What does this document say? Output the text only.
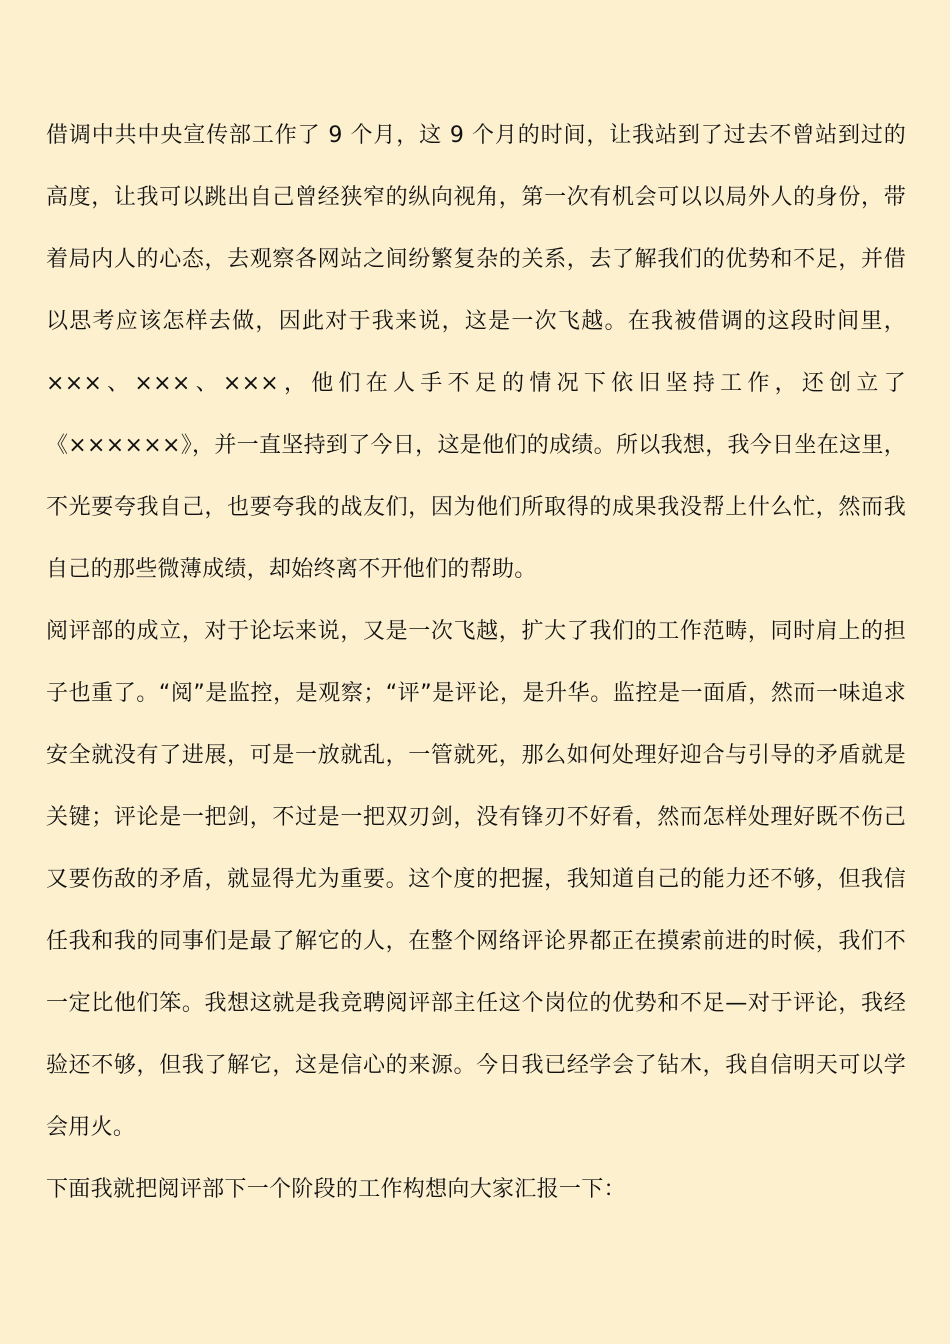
借调中共中央宣传部工作了 9 个月，这 9 个月的时间，让我站到了过去不曾站到过的高度，让我可以跳出自己曾经狭窄的纵向视角，第一次有机会可以以局外人的身份，带着局内人的心态，去观察各网站之间纷繁复杂的关系，去了解我们的优势和不足，并借以思考应该怎样去做，因此对于我来说，这是一次飞越。在我被借调的这段时间里，×××、×××、×××，他们在人手不足的情况下依旧坚持工作，还创立了《××××××》，并一直坚持到了今日，这是他们的成绩。所以我想，我今日坐在这里，不光要夸我自己，也要夸我的战友们，因为他们所取得的成果我没帮上什么忙，然而我自己的那些微薄成绩，却始终离不开他们的帮助。

阅评部的成立，对于论坛来说，又是一次飞越，扩大了我们的工作范畴，同时肩上的担子也重了。“阅”是监控，是观察；“评”是评论，是升华。监控是一面盾，然而一味追求安全就没有了进展，可是一放就乱，一管就死，那么如何处理好迎合与引导的矛盾就是关键；评论是一把剑，不过是一把双刃剑，没有锋刃不好看，然而怎样处理好既不伤己又要伤敌的矛盾，就显得尤为重要。这个度的把握，我知道自己的能力还不够，但我信任我和我的同事们是最了解它的人，在整个网络评论界都正在摸索前进的时候，我们不一定比他们笨。我想这就是我竞聘阅评部主任这个岗位的优势和不足—对于评论，我经验还不够，但我了解它，这是信心的来源。今日我已经学会了钻木，我自信明天可以学会用火。

下面我就把阅评部下一个阶段的工作构想向大家汇报一下：
